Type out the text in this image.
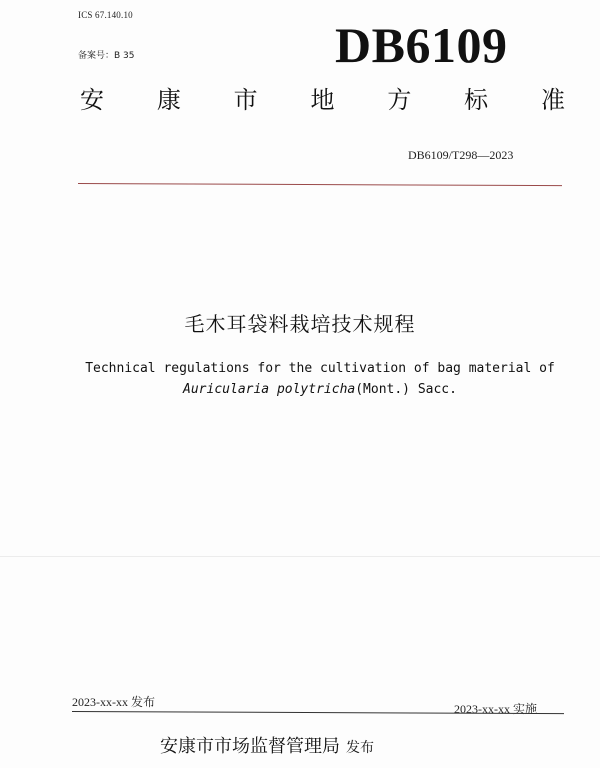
ICS 67.140.10
备案号：B 35	DB6109
安 康 市 地 方 标 准
DB6109/T298—2023
毛木耳袋料栽培技术规程
Technical regulations for the cultivation of bag material of
Auricularia polytricha(Mont.) Sacc.
2023-xx-xx 发布	2023-xx-xx 实施
安康市市场监督管理局 发布
